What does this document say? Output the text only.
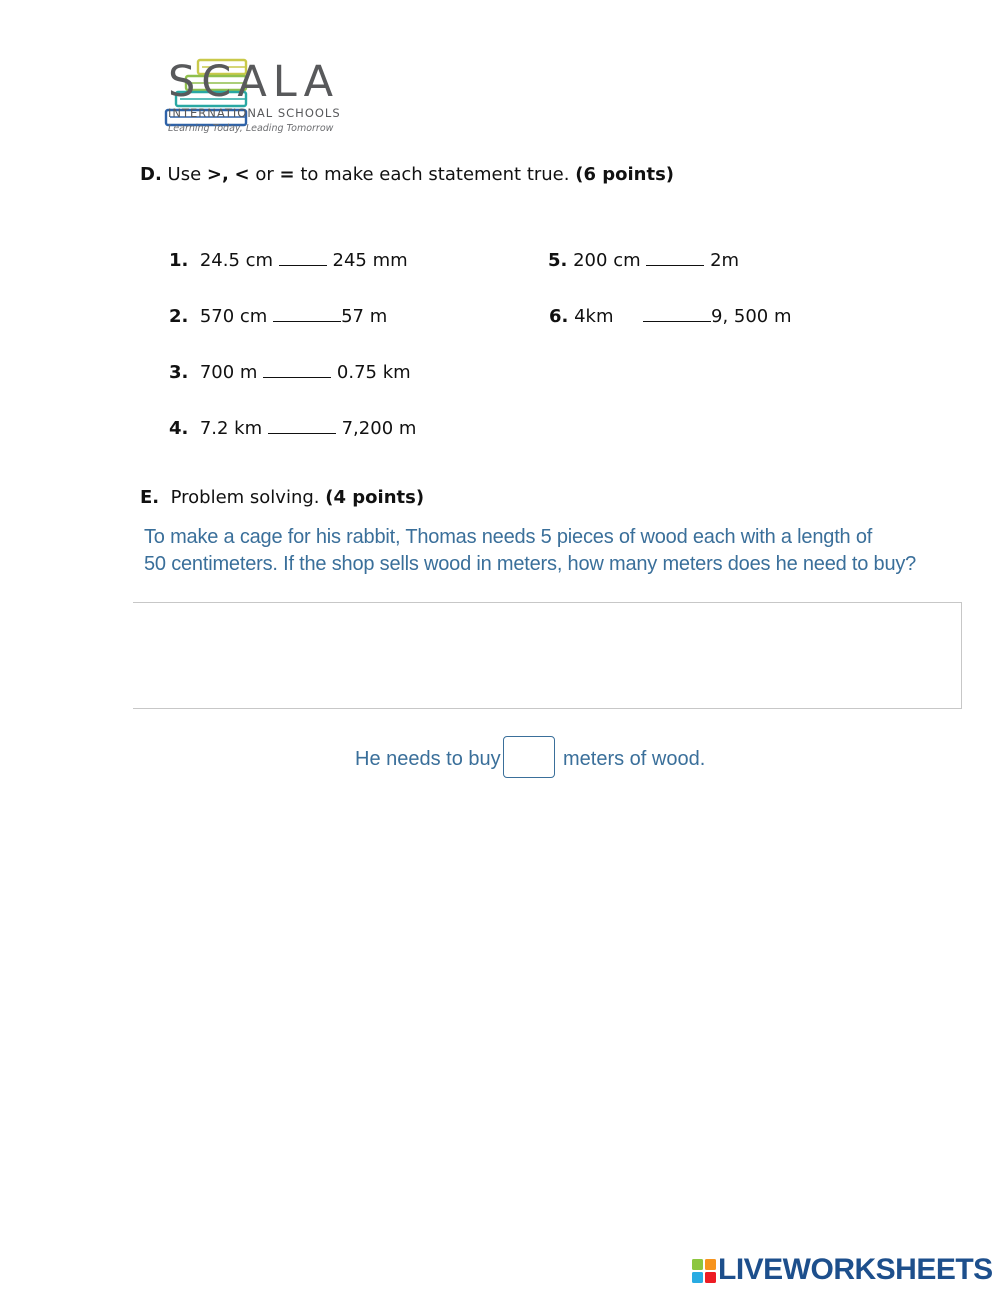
SCALA
INTERNATIONAL SCHOOLS
Learning Today, Leading Tomorrow
D. Use >, < or = to make each statement true. (6 points)
1. 24.5 cm	245 mm
2. 570 cm	57 m
3. 700 m	0.75 km
4. 7.2 km	7,200 m
5. 200 cm	2m
6. 4km	9, 500 m
E. Problem solving. (4 points)
To make a cage for his rabbit, Thomas needs 5 pieces of wood each with a length of
50 centimeters. If the shop sells wood in meters, how many meters does he need to buy?
He needs to buy	meters of wood.
LIVEWORKSHEETS
